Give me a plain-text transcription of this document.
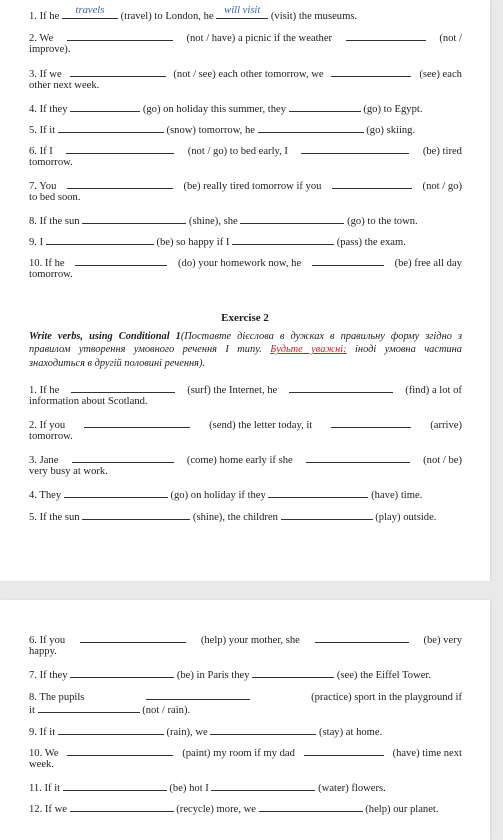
1. If he
travels
(travel) to London, he
will visit
(visit) the museums.
2. We	(not / have) a picnic if the weather	(not /
improve).
3. If we	(not / see) each other tomorrow, we	(see) each
other next week.
4. If they	(go) on holiday this summer, they	(go) to Egypt.
5. If it	(snow) tomorrow, he	(go) skiing.
6. If I	(not / go) to bed early, I	(be) tired
tomorrow.
7. You	(be) really tired tomorrow if you	(not / go)
to bed soon.
8. If the sun	(shine), she	(go) to the town.
9. I	(be) so happy if I	(pass) the exam.
10. If he	(do) your homework now, he	(be) free all day
tomorrow.
Exercise 2
Write verbs, using Conditional 1(Поставте дієслова в дужках в правильну форму згідно з правилом утворення умовного речення I типу. Будьте уважні: іноді умовна частина знаходиться в другій половині речення).
1. If he	(surf) the Internet, he	(find) a lot of
information about Scotland.
2. If you	(send) the letter today, it	(arrive)
tomorrow.
3. Jane	(come) home early if she	(not / be)
very busy at work.
4. They	(go) on holiday if they	(have) time.
5. If the sun	(shine), the children	(play) outside.
6. If you	(help) your mother, she	(be) very
happy.
7. If they	(be) in Paris they	(see) the Eiffel Tower.
8. The pupils	(practice) sport in the playground if
it	(not / rain).
9. If it	(rain), we	(stay) at home.
10. We	(paint) my room if my dad	(have) time next
week.
11. If it	(be) hot I	(water) flowers.
12. If we	(recycle) more, we	(help) our planet.
